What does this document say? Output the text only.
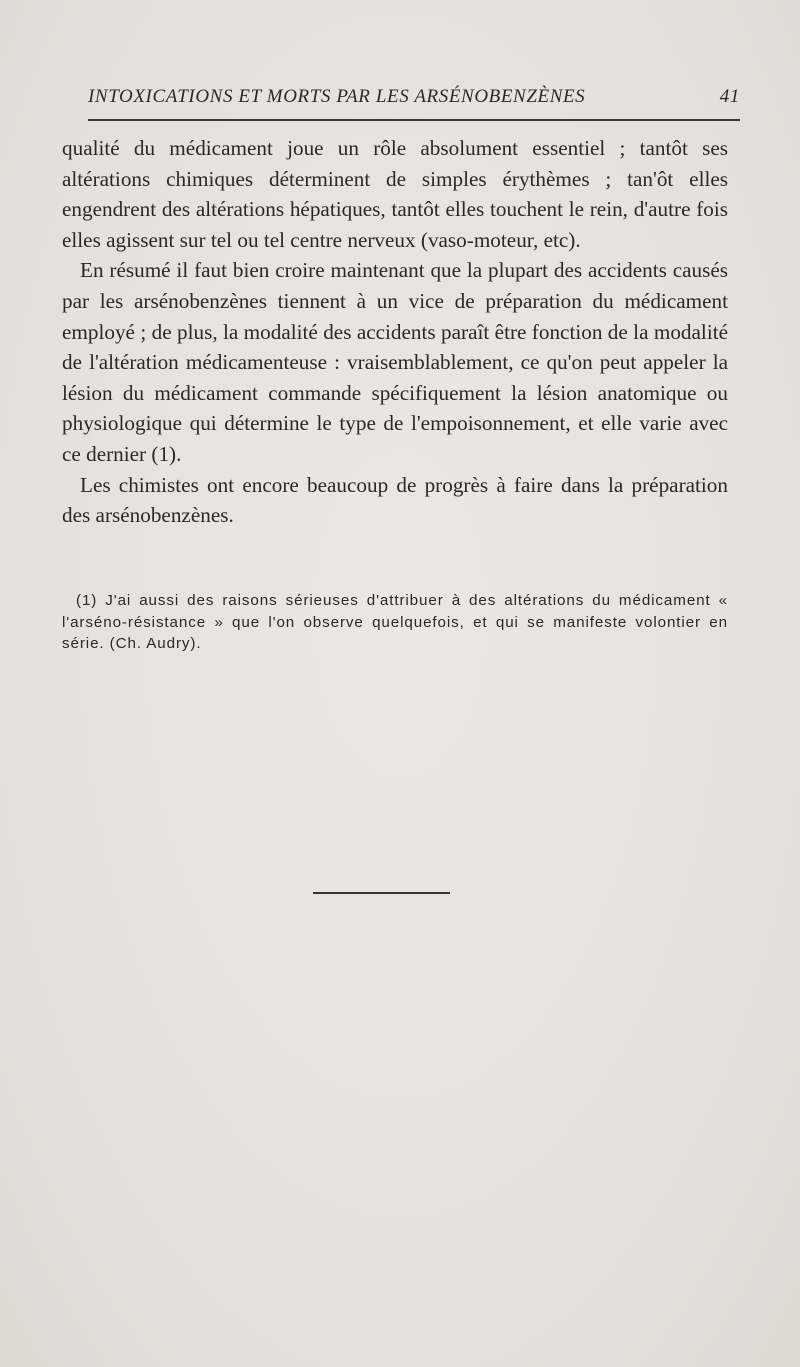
INTOXICATIONS ET MORTS PAR LES ARSÉNOBENZÈNES	41

qualité du médicament joue un rôle absolument essentiel ; tantôt ses altérations chimiques déterminent de simples érythèmes ; tan'ôt elles engendrent des altérations hépatiques, tantôt elles touchent le rein, d'autre fois elles agissent sur tel ou tel centre nerveux (vaso-moteur, etc).

En résumé il faut bien croire maintenant que la plupart des accidents causés par les arsénobenzènes tiennent à un vice de préparation du médicament employé ; de plus, la modalité des accidents paraît être fonction de la modalité de l'altération médicamenteuse : vraisemblablement, ce qu'on peut appeler la lésion du médicament commande spécifiquement la lésion anatomique ou physiologique qui détermine le type de l'empoisonnement, et elle varie avec ce dernier (1).

Les chimistes ont encore beaucoup de progrès à faire dans la préparation des arsénobenzènes.

(1) J'ai aussi des raisons sérieuses d'attribuer à des altérations du médicament « l'arséno-résistance » que l'on observe quelquefois, et qui se manifeste volontier en série. (Ch. Audry).
